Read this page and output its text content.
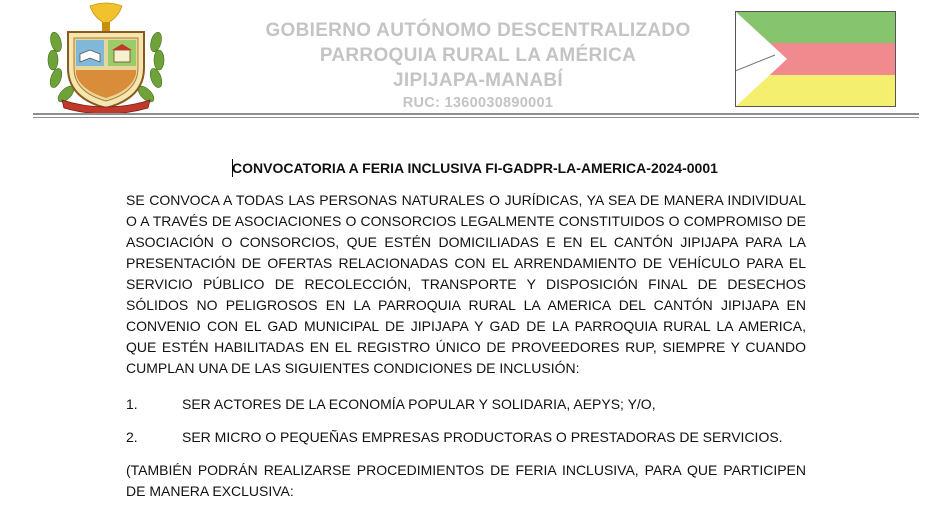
GOBIERNO AUTÓNOMO DESCENTRALIZADO
PARROQUIA RURAL LA AMÉRICA
JIPIJAPA-MANABÍ
RUC: 1360030890001
CONVOCATORIA A FERIA INCLUSIVA FI-GADPR-LA-AMERICA-2024-0001
SE CONVOCA A TODAS LAS PERSONAS NATURALES O JURÍDICAS, YA SEA DE MANERA INDIVIDUAL O A TRAVÉS DE ASOCIACIONES O CONSORCIOS LEGALMENTE CONSTITUIDOS O COMPROMISO DE ASOCIACIÓN O CONSORCIOS, QUE ESTÉN DOMICILIADAS E EN EL CANTÓN JIPIJAPA PARA LA PRESENTACIÓN DE OFERTAS RELACIONADAS CON EL ARRENDAMIENTO DE VEHÍCULO PARA EL SERVICIO PÚBLICO DE RECOLECCIÓN, TRANSPORTE Y DISPOSICIÓN FINAL DE DESECHOS SÓLIDOS NO PELIGROSOS EN LA PARROQUIA RURAL LA AMERICA DEL CANTÓN JIPIJAPA EN CONVENIO CON EL GAD MUNICIPAL DE JIPIJAPA Y GAD DE LA PARROQUIA RURAL LA AMERICA, QUE ESTÉN HABILITADAS EN EL REGISTRO ÚNICO DE PROVEEDORES RUP, SIEMPRE Y CUANDO CUMPLAN UNA DE LAS SIGUIENTES CONDICIONES DE INCLUSIÓN:
1.	SER ACTORES DE LA ECONOMÍA POPULAR Y SOLIDARIA, AEPYS; Y/O,
2.	SER MICRO O PEQUEÑAS EMPRESAS PRODUCTORAS O PRESTADORAS DE SERVICIOS.
(TAMBIÉN PODRÁN REALIZARSE PROCEDIMIENTOS DE FERIA INCLUSIVA, PARA QUE PARTICIPEN DE MANERA EXCLUSIVA:
